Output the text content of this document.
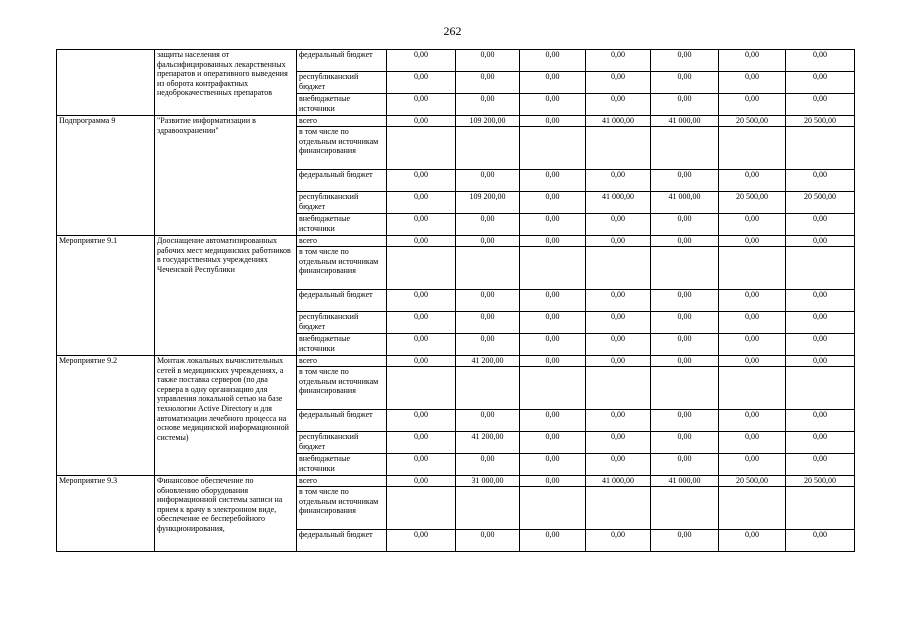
262
	защиты населения от фальсифицированных лекарственных препаратов и оперативного выведения из оборота контрафактных недоброкачественных препаратов	федеральный бюджет	0,00	0,00	0,00	0,00	0,00	0,00	0,00
		республиканский бюджет	0,00	0,00	0,00	0,00	0,00	0,00	0,00
		внебюджетные источники	0,00	0,00	0,00	0,00	0,00	0,00	0,00
Подпрограмма 9	"Развитие информатизации в здравоохранении"	всего	0,00	109 200,00	0,00	41 000,00	41 000,00	20 500,00	20 500,00
		в том числе по отдельным источникам финансирования							
		федеральный бюджет	0,00	0,00	0,00	0,00	0,00	0,00	0,00
		республиканский бюджет	0,00	109 200,00	0,00	41 000,00	41 000,00	20 500,00	20 500,00
		внебюджетные источники	0,00	0,00	0,00	0,00	0,00	0,00	0,00
Мероприятие 9.1	Дооснащение автоматизированных рабочих мест медицинских работников в государственных учреждениях Чеченской Республики	всего	0,00	0,00	0,00	0,00	0,00	0,00	0,00
		в том числе по отдельным источникам финансирования							
		федеральный бюджет	0,00	0,00	0,00	0,00	0,00	0,00	0,00
		республиканский бюджет	0,00	0,00	0,00	0,00	0,00	0,00	0,00
		внебюджетные источники	0,00	0,00	0,00	0,00	0,00	0,00	0,00
Мероприятие 9.2	Монтаж локальных вычислительных сетей в медицинских учреждениях, а также поставка серверов (по два сервера в одну организацию для управления локальной сетью на базе технологии Active Directory и для автоматизации лечебного процесса на основе медицинской информационной системы)	всего	0,00	41 200,00	0,00	0,00	0,00	0,00	0,00
		в том числе по отдельным источникам финансирования							
		федеральный бюджет	0,00	0,00	0,00	0,00	0,00	0,00	0,00
		республиканский бюджет	0,00	41 200,00	0,00	0,00	0,00	0,00	0,00
		внебюджетные источники	0,00	0,00	0,00	0,00	0,00	0,00	0,00
Мероприятие 9.3	Финансовое обеспечение по обновлению оборудования информационной системы записи на прием к врачу в электронном виде, обеспечение ее бесперебойного функционирования,	всего	0,00	31 000,00	0,00	41 000,00	41 000,00	20 500,00	20 500,00
		в том числе по отдельным источникам финансирования							
		федеральный бюджет	0,00	0,00	0,00	0,00	0,00	0,00	0,00
